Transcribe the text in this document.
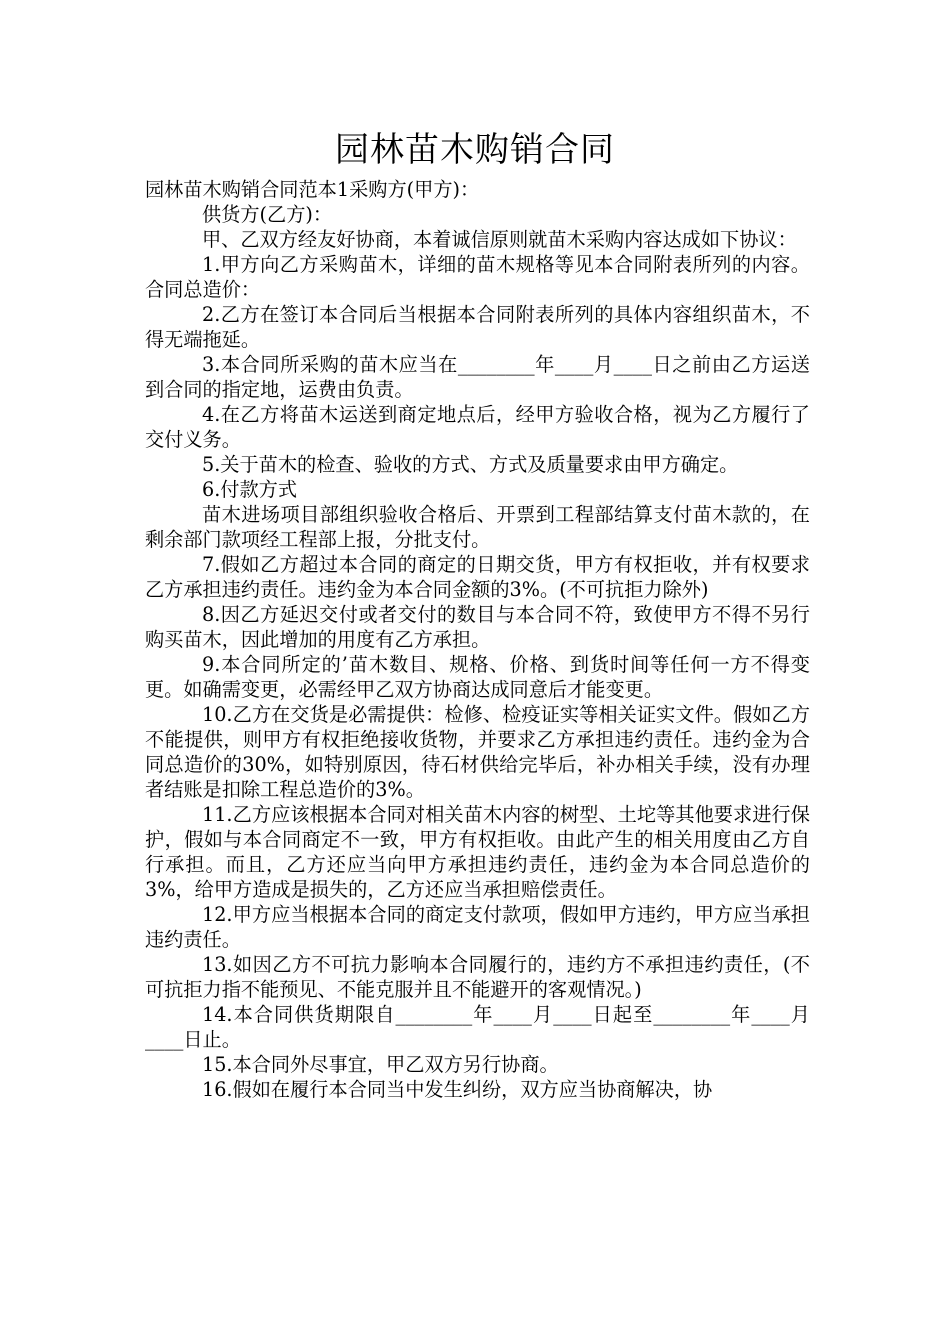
园林苗木购销合同

园林苗木购销合同范本1采购方(甲方)：

供货方(乙方)：

甲、乙双方经友好协商，本着诚信原则就苗木采购内容达成如下协议：

1.甲方向乙方采购苗木，详细的苗木规格等见本合同附表所列的内容。合同总造价：

2.乙方在签订本合同后当根据本合同附表所列的具体内容组织苗木，不得无端拖延。

3.本合同所采购的苗木应当在________年____月____日之前由乙方运送到合同的指定地，运费由负责。

4.在乙方将苗木运送到商定地点后，经甲方验收合格，视为乙方履行了交付义务。

5.关于苗木的检查、验收的方式、方式及质量要求由甲方确定。

6.付款方式

苗木进场项目部组织验收合格后、开票到工程部结算支付苗木款的，在剩余部门款项经工程部上报，分批支付。

7.假如乙方超过本合同的商定的日期交货，甲方有权拒收，并有权要求乙方承担违约责任。违约金为本合同金额的3%。(不可抗拒力除外)

8.因乙方延迟交付或者交付的数目与本合同不符，致使甲方不得不另行购买苗木，因此增加的用度有乙方承担。

9.本合同所定的’苗木数目、规格、价格、到货时间等任何一方不得变更。如确需变更，必需经甲乙双方协商达成同意后才能变更。

10.乙方在交货是必需提供：检修、检疫证实等相关证实文件。假如乙方不能提供，则甲方有权拒绝接收货物，并要求乙方承担违约责任。违约金为合同总造价的30%，如特别原因，待石材供给完毕后，补办相关手续，没有办理者结账是扣除工程总造价的3%。

11.乙方应该根据本合同对相关苗木内容的树型、土坨等其他要求进行保护，假如与本合同商定不一致，甲方有权拒收。由此产生的相关用度由乙方自行承担。而且，乙方还应当向甲方承担违约责任，违约金为本合同总造价的3%，给甲方造成是损失的，乙方还应当承担赔偿责任。

12.甲方应当根据本合同的商定支付款项，假如甲方违约，甲方应当承担违约责任。

13.如因乙方不可抗力影响本合同履行的，违约方不承担违约责任，(不可抗拒力指不能预见、不能克服并且不能避开的客观情况。)

14.本合同供货期限自________年____月____日起至________年____月____日止。

15.本合同外尽事宜，甲乙双方另行协商。

16.假如在履行本合同当中发生纠纷，双方应当协商解决，协
